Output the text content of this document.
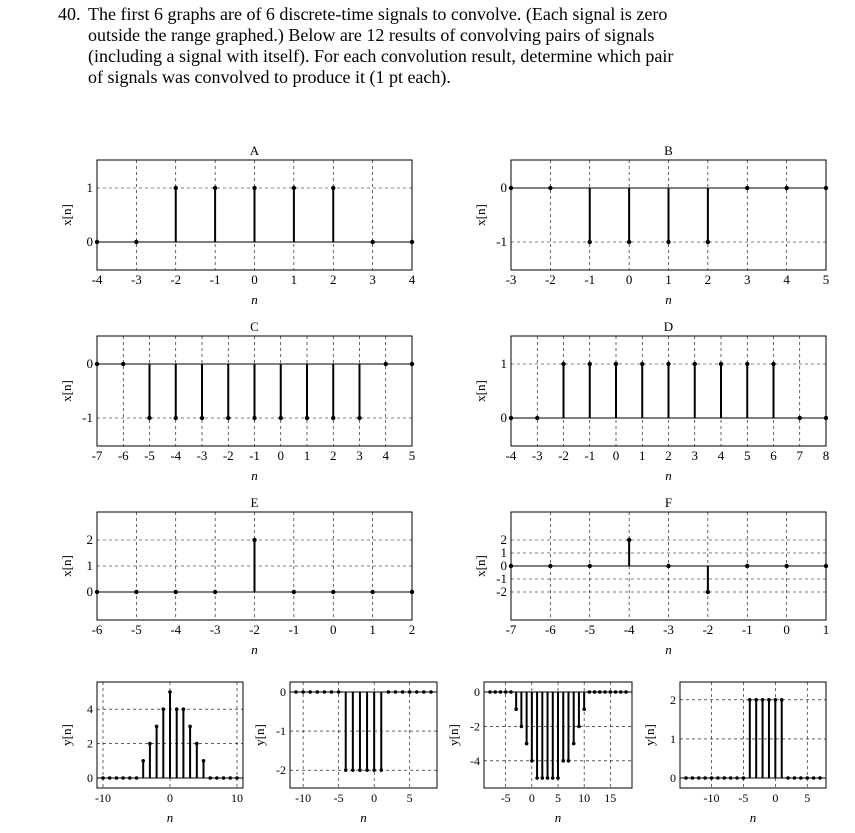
40. The first 6 graphs are of 6 discrete-time signals to convolve. (Each signal is zero
outside the range graphed.) Below are 12 results of convolving pairs of signals
(including a signal with itself). For each convolution result, determine which pair
of signals was convolved to produce it (1 pt each).
-4 -3 -2 -1 0	1	2	3	4
0
1
n
x[n]
A
-3 -2 -1 0	1	2	3	4	5
-1
0
n
x[n]
B
-7 -6 -5 -4 -3 -2 -1 0 1 2 3 4 5
-1
0
n
x[n]
C
-4 -3 -2 -1 0 1 2 3 4 5 6 7 8
0
1
n
x[n]
D
-6 -5 -4 -3 -2 -1 0	1	2
0
1
2
n
x[n]
E
-7 -6 -5 -4 -3 -2 -1 0	1
-2
-1
0
1
2
n
x[n]
F
-10	0	10
0
2
4
n
y[n]
-10 -5 0 5
-2
-1
0
n
y[n]
-5 0 5 10 15
-4
-2
0
n
y[n]
-10 -5 0 5
0
1
2
n
y[n]
